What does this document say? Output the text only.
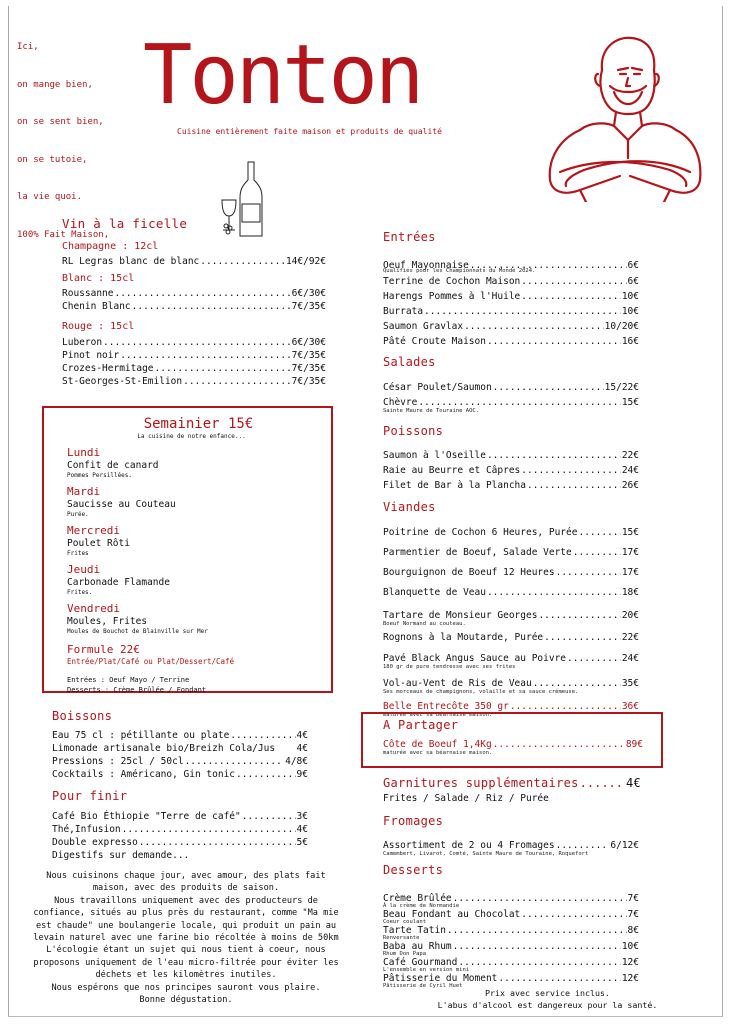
Ici,

on mange bien,

on se sent bien,

on se tutoie,

la vie quoi.

100% Fait Maison,

Tonton
Cuisine entièrement faite maison et produits de qualité
Vin à la ficelle
Champagne : 12cl
RL Legras blanc de blanc .....	14€/92€
Blanc : 15cl
Roussanne .....	6€/30€
Chenin Blanc .....	7€/35€
Rouge : 15cl
Luberon .....	6€/30€
Pinot noir .....	7€/35€
Crozes-Hermitage .....	7€/35€
St-Georges-St-Emilion .....	7€/35€
Semainier 15€
La cuisine de notre enfance...
Lundi
Confit de canard
Pommes Persillées.
Mardi
Saucisse au Couteau
Purée.
Mercredi
Poulet Rôti
Frites
Jeudi
Carbonade Flamande
Frites.
Vendredi
Moules, Frites
Moules de Bouchot de Blainville sur Mer
Formule 22€
Entrée/Plat/Café ou Plat/Dessert/Café
Entrées : Oeuf Mayo / Terrine
Desserts : Crème Brûlée / Fondant
Boissons
Eau 75 cl : pétillante ou plate .....	4€
Limonade artisanale bio/Breizh Cola/Jus 4€
Pressions : 25cl / 50cl .....	4/8€
Cocktails : Américano, Gin tonic .....	9€
Pour finir
Café Bio Éthiopie "Terre de café" .....	3€
Thé,Infusion .....	4€
Double expresso .....	5€
Digestifs sur demande...
Nous cuisinons chaque jour, avec amour, des plats fait
maison, avec des produits de saison.
Nous travaillons uniquement avec des producteurs de
confiance, situés au plus près du restaurant, comme "Ma mie
est chaude" une boulangerie locale, qui produit un pain au
levain naturel avec une farine bio récoltée à moins de 50km
L'écologie étant un sujet qui nous tient à coeur, nous
proposons uniquement de l'eau micro-filtrée pour éviter les
déchets et les kilomètres inutiles.
Nous espérons que nos principes sauront vous plaire.
Bonne dégustation.
Entrées
Oeuf Mayonnaise .....	6€
Qualifiés pour les Championnats du Monde 2024.
Terrine de Cochon Maison .....	6€
Harengs Pommes à l'Huile .....	10€
Burrata .....	10€
Saumon Gravlax .....	10/20€
Pâté Croute Maison .....	16€
Salades
César Poulet/Saumon .....	15/22€
Chèvre .....	15€
Sainte Maure de Touraine AOC.
Poissons
Saumon à l'Oseille .....	22€
Raie au Beurre et Câpres .....	24€
Filet de Bar à la Plancha .....	26€
Viandes
Poitrine de Cochon 6 Heures, Purée .....	15€
Parmentier de Boeuf, Salade Verte .....	17€
Bourguignon de Boeuf 12 Heures .....	17€
Blanquette de Veau .....	18€
Tartare de Monsieur Georges .....	20€
Boeuf Normand au couteau.
Rognons à la Moutarde, Purée .....	22€
Pavé Black Angus Sauce au Poivre .....	24€
180 gr de pure tendresse avec ses frites
Vol-au-Vent de Ris de Veau .....	35€
Ses morceaux de champignons, volaille et sa sauce crémeuse.
Belle Entrecôte 350 gr .....	36€
maturée avec sa béarnaise maison.
A Partager
Côte de Boeuf 1,4Kg .....	89€
maturée avec sa béarnaise maison.
Garnitures supplémentaires .....	4€
Frites / Salade / Riz / Purée
Fromages
Assortiment de 2 ou 4 Fromages .....	6/12€
Camembert, Livarot, Comté, Sainte Maure de Touraine, Roquefort
Desserts
Crème Brûlée .....	7€
À la crème de Normandie
Beau Fondant au Chocolat .....	7€
Coeur coulant
Tarte Tatin .....	8€
Renversante
Baba au Rhum .....	10€
Rhum Don Papa
Café Gourmand .....	12€
L'ensemble en version mini
Pâtisserie du Moment .....	12€
Pâtisserie de Cyril Huet
Prix avec service inclus.
L'abus d'alcool est dangereux pour la santé.
